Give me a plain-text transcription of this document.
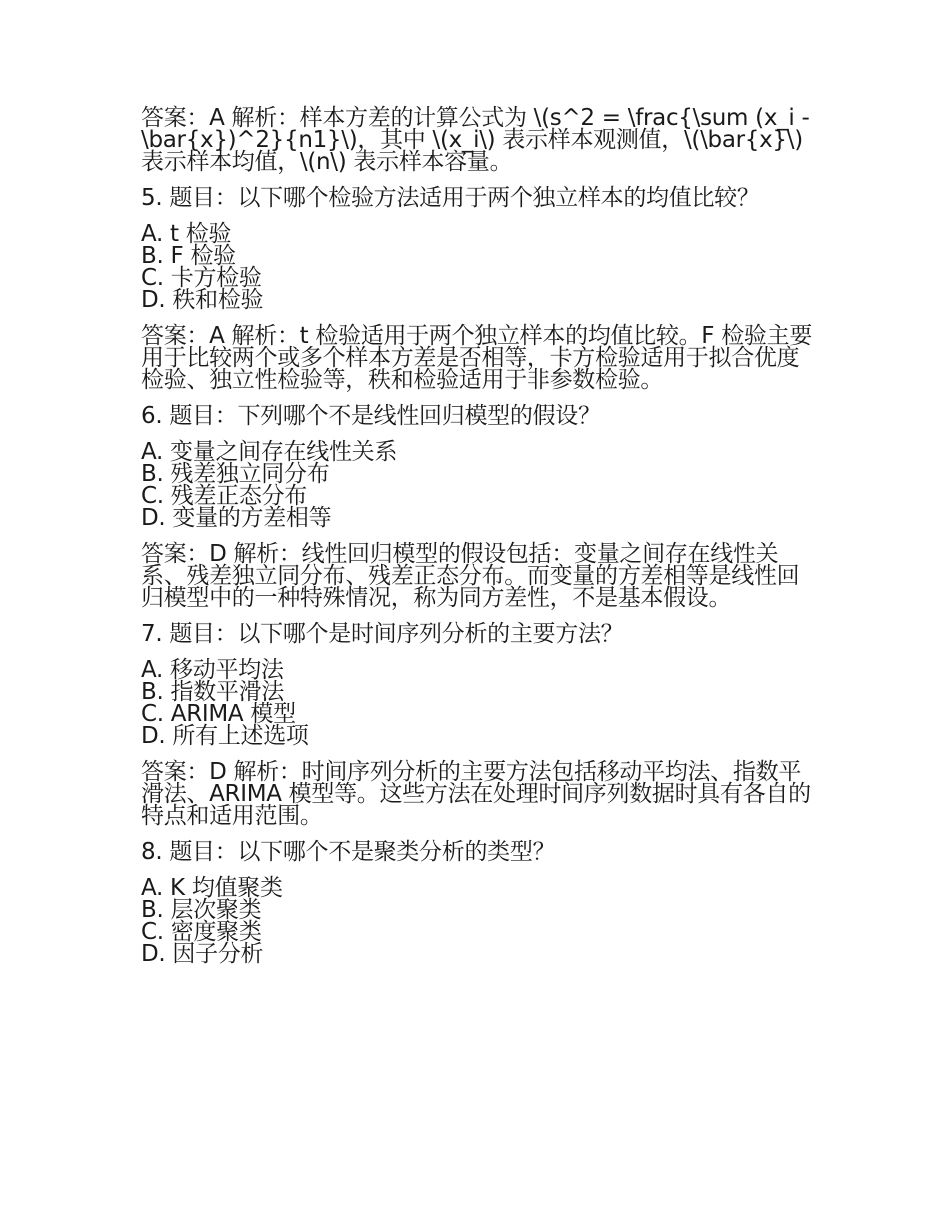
答案：A 解析：样本方差的计算公式为 \(s^2 = \frac{\sum (x_i - \bar{x})^2}{n1}\)，其中 \(x_i\) 表示样本观测值，\(\bar{x}\) 表示样本均值，\(n\) 表示样本容量。

5. 题目：以下哪个检验方法适用于两个独立样本的均值比较？

A. t 检验
B. F 检验
C. 卡方检验
D. 秩和检验

答案：A 解析：t 检验适用于两个独立样本的均值比较。F 检验主要用于比较两个或多个样本方差是否相等，卡方检验适用于拟合优度检验、独立性检验等，秩和检验适用于非参数检验。

6. 题目：下列哪个不是线性回归模型的假设？

A. 变量之间存在线性关系
B. 残差独立同分布
C. 残差正态分布
D. 变量的方差相等

答案：D 解析：线性回归模型的假设包括：变量之间存在线性关系、残差独立同分布、残差正态分布。而变量的方差相等是线性回归模型中的一种特殊情况，称为同方差性，不是基本假设。

7. 题目：以下哪个是时间序列分析的主要方法？

A. 移动平均法
B. 指数平滑法
C. ARIMA 模型
D. 所有上述选项

答案：D 解析：时间序列分析的主要方法包括移动平均法、指数平滑法、ARIMA 模型等。这些方法在处理时间序列数据时具有各自的特点和适用范围。

8. 题目：以下哪个不是聚类分析的类型？

A. K 均值聚类
B. 层次聚类
C. 密度聚类
D. 因子分析
